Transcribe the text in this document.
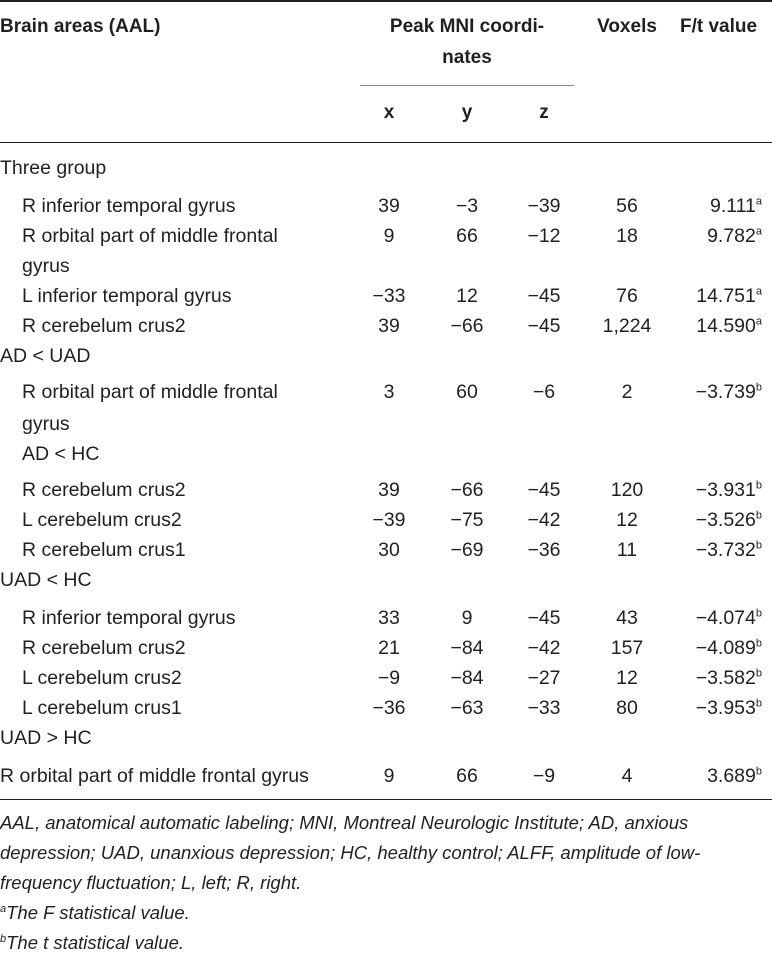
Brain areas (AAL)	Peak MNI coordi-
nates
Voxels	F/t value
x	y	z
Three group
R inferior temporal gyrus	39	−3	−39	56	9.111$^a$
R orbital part of middle frontal	9	66	−12	18	9.782$^a$
gyrus
L inferior temporal gyrus	−33	12	−45	76	14.751$^a$
R cerebelum crus2	39	−66	−45	1,224	14.590$^a$
AD < UAD
R orbital part of middle frontal	3	60	−6	2	−3.739$^b$
gyrus
AD < HC
R cerebelum crus2	39	−66	−45	120	−3.931$^b$
L cerebelum crus2	−39	−75	−42	12	−3.526$^b$
R cerebelum crus1	30	−69	−36	11	−3.732$^b$
UAD < HC
R inferior temporal gyrus	33	9	−45	43	−4.074$^b$
R cerebelum crus2	21	−84	−42	157	−4.089$^b$
L cerebelum crus2	−9	−84	−27	12	−3.582$^b$
L cerebelum crus1	−36	−63	−33	80	−3.953$^b$
UAD > HC
R orbital part of middle frontal gyrus	9	66	−9	4	3.689$^b$

AAL, anatomical automatic labeling; MNI, Montreal Neurologic Institute; AD, anxious depression; UAD, unanxious depression; HC, healthy control; ALFF, amplitude of low-frequency fluctuation; L, left; R, right.

$^a$The F statistical value.

$^b$The t statistical value.
